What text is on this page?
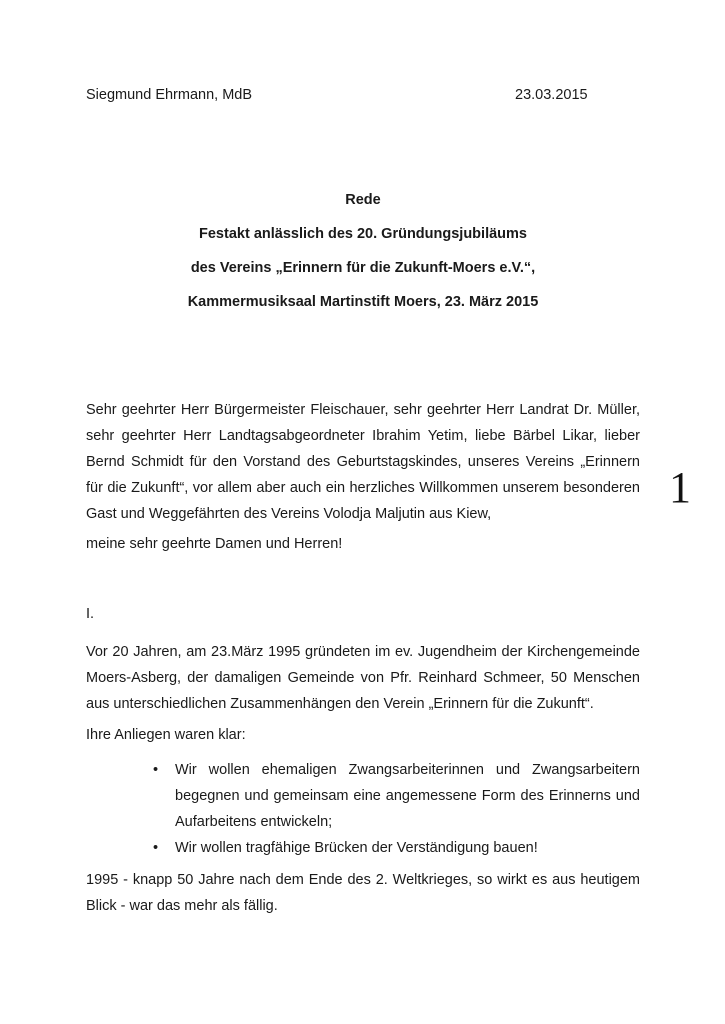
Siegmund Ehrmann, MdB	23.03.2015
Rede
Festakt anlässlich des 20. Gründungsjubiläums
des Vereins „Erinnern für die Zukunft-Moers e.V.“,
Kammermusiksaal Martinstift Moers, 23. März 2015

Sehr geehrter Herr Bürgermeister Fleischauer, sehr geehrter Herr Landrat Dr. Müller, sehr geehrter Herr Landtagsabgeordneter Ibrahim Yetim, liebe Bärbel Likar, lieber Bernd Schmidt für den Vorstand des Geburtstagskindes, unseres Vereins „Erinnern für die Zukunft“, vor allem aber auch ein herzliches Willkommen unserem besonderen Gast und Weggefährten des Vereins Volodja Maljutin aus Kiew,

meine sehr geehrte Damen und Herren!

I.

Vor 20 Jahren, am 23.März 1995 gründeten im ev. Jugendheim der Kirchengemeinde Moers-Asberg, der damaligen Gemeinde von Pfr. Reinhard Schmeer, 50 Menschen aus unterschiedlichen Zusammenhängen den Verein „Erinnern für die Zukunft“.

Ihre Anliegen waren klar:

• Wir wollen ehemaligen Zwangsarbeiterinnen und Zwangsarbeitern begegnen und gemeinsam eine angemessene Form des Erinnerns und Aufarbeitens entwickeln;
• Wir wollen tragfähige Brücken der Verständigung bauen!

1995 - knapp 50 Jahre nach dem Ende des 2. Weltkrieges, so wirkt es aus heutigem Blick - war das mehr als fällig.

1
